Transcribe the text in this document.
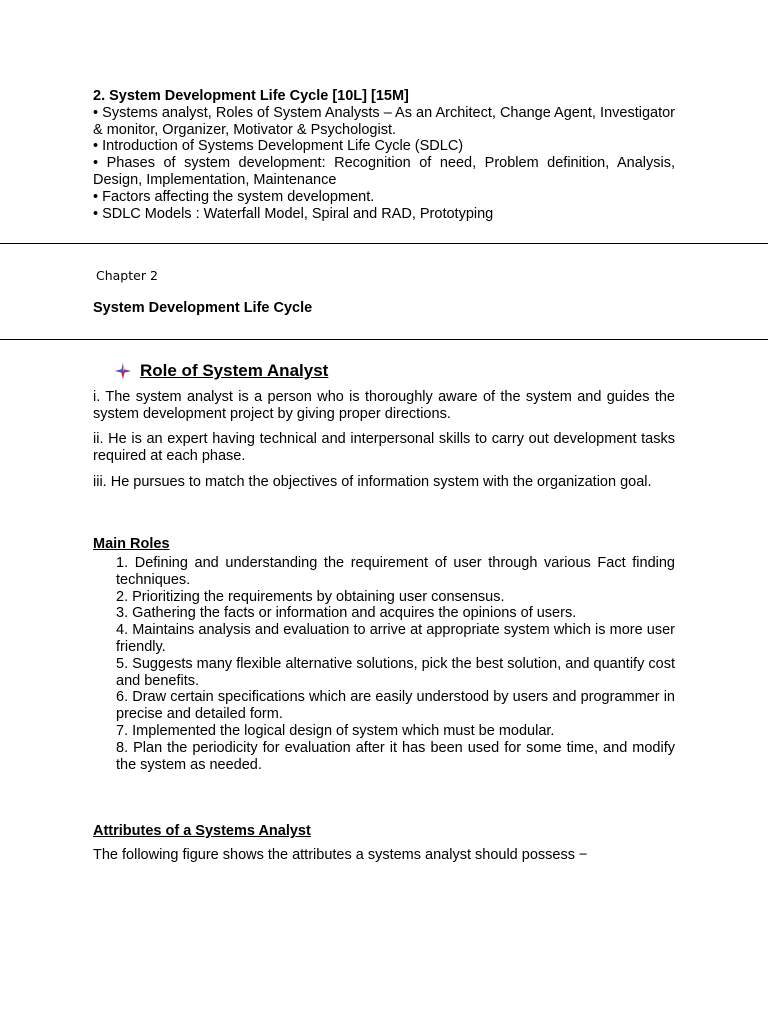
2. System Development Life Cycle [10L] [15M]
• Systems analyst, Roles of System Analysts – As an Architect, Change Agent, Investigator & monitor, Organizer, Motivator & Psychologist.
• Introduction of Systems Development Life Cycle (SDLC)
• Phases of system development: Recognition of need, Problem definition, Analysis, Design, Implementation, Maintenance
• Factors affecting the system development.
• SDLC Models : Waterfall Model, Spiral and RAD, Prototyping
Chapter 2
System Development Life Cycle
Role of System Analyst

i. The system analyst is a person who is thoroughly aware of the system and guides the system development project by giving proper directions.

ii. He is an expert having technical and interpersonal skills to carry out development tasks required at each phase.

iii. He pursues to match the objectives of information system with the organization goal.

Main Roles
1. Defining and understanding the requirement of user through various Fact finding techniques.
2. Prioritizing the requirements by obtaining user consensus.
3. Gathering the facts or information and acquires the opinions of users.
4. Maintains analysis and evaluation to arrive at appropriate system which is more user friendly.
5. Suggests many flexible alternative solutions, pick the best solution, and quantify cost and benefits.
6. Draw certain specifications which are easily understood by users and programmer in precise and detailed form.
7. Implemented the logical design of system which must be modular.
8. Plan the periodicity for evaluation after it has been used for some time, and modify the system as needed.
Attributes of a Systems Analyst
The following figure shows the attributes a systems analyst should possess −
